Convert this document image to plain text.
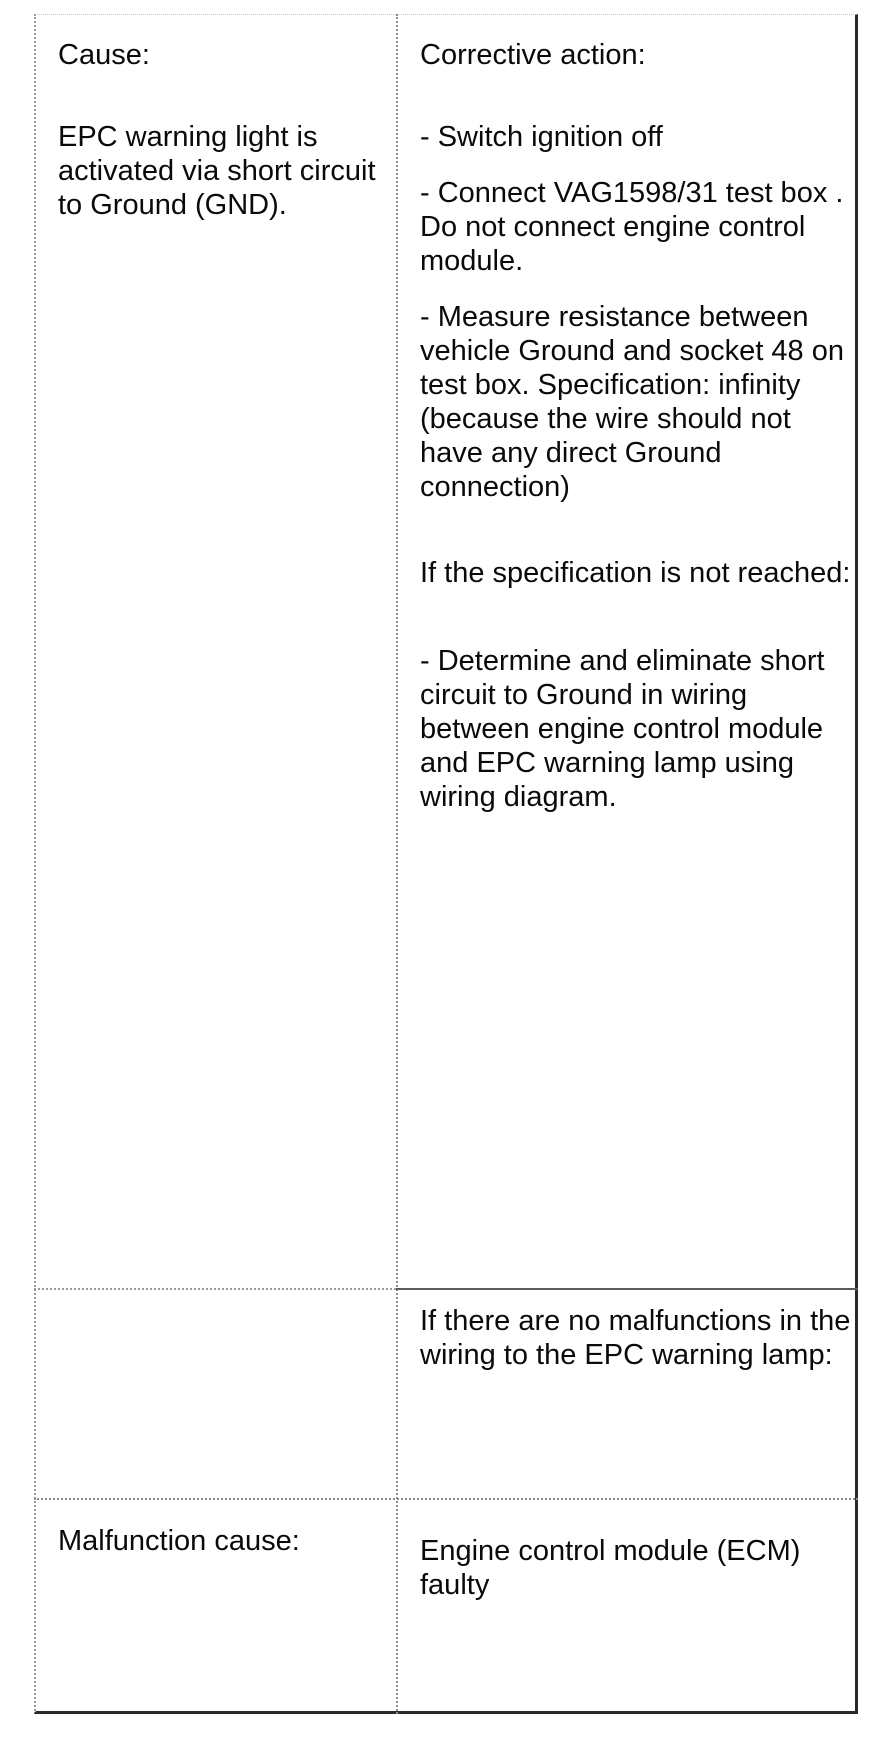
Cause:

EPC warning light is activated via short circuit to Ground (GND).

Corrective action:

- Switch ignition off

- Connect VAG1598/31 test box . Do not connect engine control module.

- Measure resistance between vehicle Ground and socket 48 on test box. Specification: infinity (because the wire should not have any direct Ground connection)

If the specification is not reached:

- Determine and eliminate short circuit to Ground in wiring between engine control module and EPC warning lamp using wiring diagram.

If there are no malfunctions in the wiring to the EPC warning lamp:

Malfunction cause:	Engine control module (ECM) faulty
